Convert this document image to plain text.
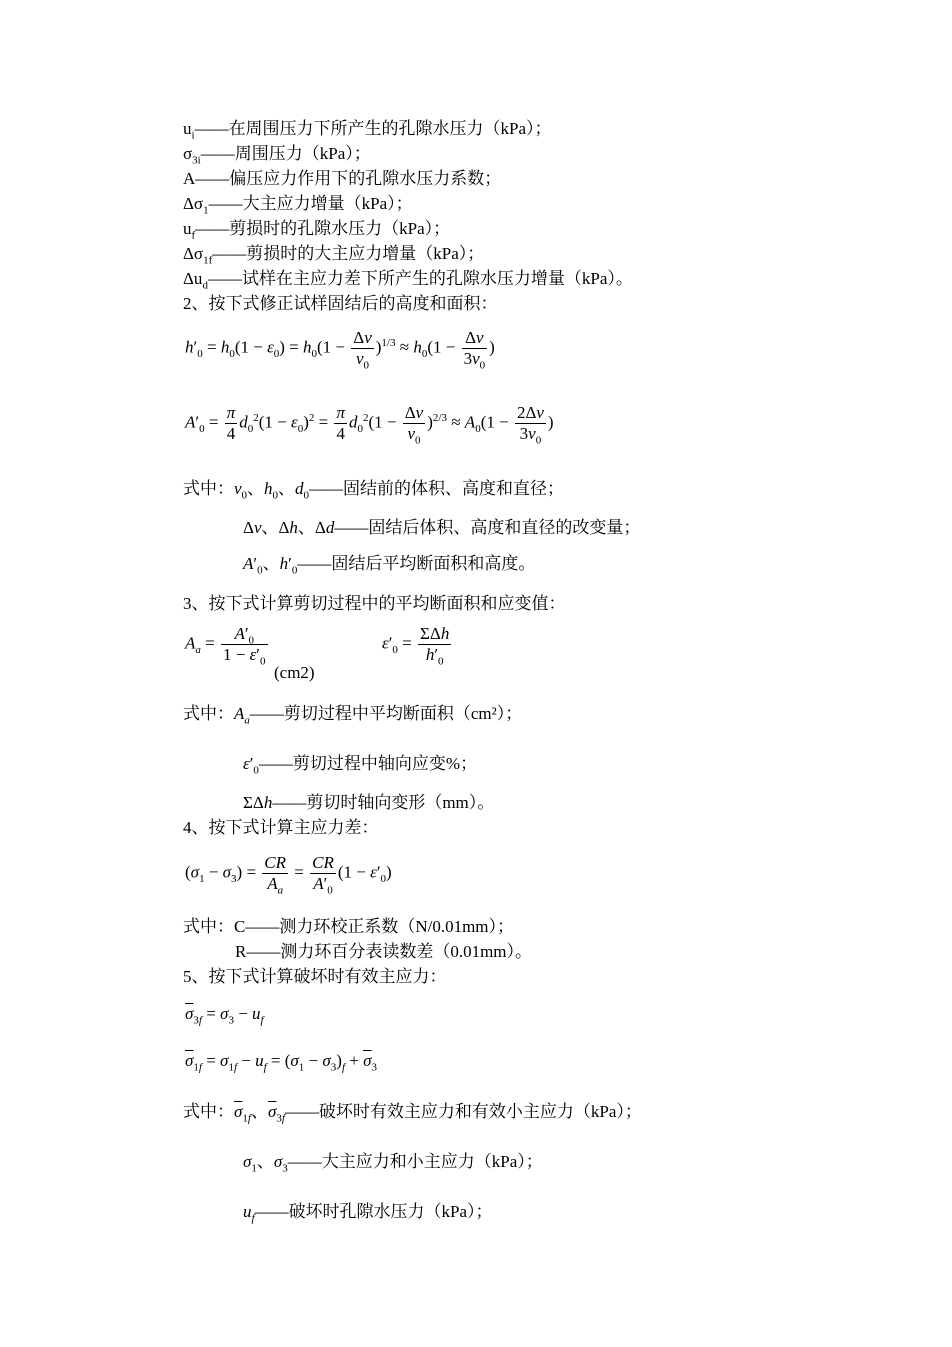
$u_i——$在周围压力下所产生的孔隙水压力（kPa）；
$\sigma_{3i}——$周围压力（kPa）；
A——偏压应力作用下的孔隙水压力系数；
$\Delta\sigma_1——$大主应力增量（kPa）；
$u_f——$剪损时的孔隙水压力（kPa）；
$\Delta\sigma_{1f}——$剪损时的大主应力增量（kPa）；
$\Delta u_d——$试样在主应力差下所产生的孔隙水压力增量（kPa）。
2、按下式修正试样固结后的高度和面积：
$h'_0 = h_0(1 - \varepsilon_0) = h_0(1 - \frac{\Delta v}{v_0} )^{1/3} \approx h_0(1 - \frac{\Delta v}{3v_0}$ )
$A'_0 = \frac{\pi}{4} d_0^2(1 - \varepsilon_0)^2 = \frac{\pi}{4} d_0^2(1 - \frac{\Delta v}{v_0} )^{2/3} \approx A_0(1 - \frac{2\Delta v}{3v_0}$ )
式中：$v_0$、$h_0$、$d_0——$固结前的体积、高度和直径；
Δv、Δh、Δd——固结后体积、高度和直径的改变量；
$A'_0$、$h'_0——$固结后平均断面积和高度。
3、按下式计算剪切过程中的平均断面积和应变值：
$A_a = \frac{A'_0}{1 - \varepsilon'_0}$
(cm2)
$\varepsilon'_0 = \frac{\text{ΣΔh}}{h'_0}$
式中：$A_a——$剪切过程中平均断面积（cm²）；
$\varepsilon'_0——$剪切过程中轴向应变%；
ΣΔh——剪切时轴向变形（mm）。
4、按下式计算主应力差：
$(\sigma_1 - \sigma_3) = \frac{CR}{A_a} = \frac{CR}{A'_0} (1 - \varepsilon'_0)$
式中：C——测力环校正系数（N/0.01mm）；
R——测力环百分表读数差（0.01mm）。
5、按下式计算破坏时有效主应力：
$\overline{\sigma}_{3f} = \sigma_3 - u_f$
$\overline{\sigma}_{1f} = \sigma_{1f} - u_f = (\sigma_1 - \sigma_3)_f + \overline{\sigma}_3$
式中：$\overline{\sigma}_{1f}$、$\overline{\sigma}_{3f}——$破坏时有效主应力和有效小主应力（kPa）；
$\sigma_1$、$\sigma_3——$大主应力和小主应力（kPa）；
$u_f——$破坏时孔隙水压力（kPa）；
